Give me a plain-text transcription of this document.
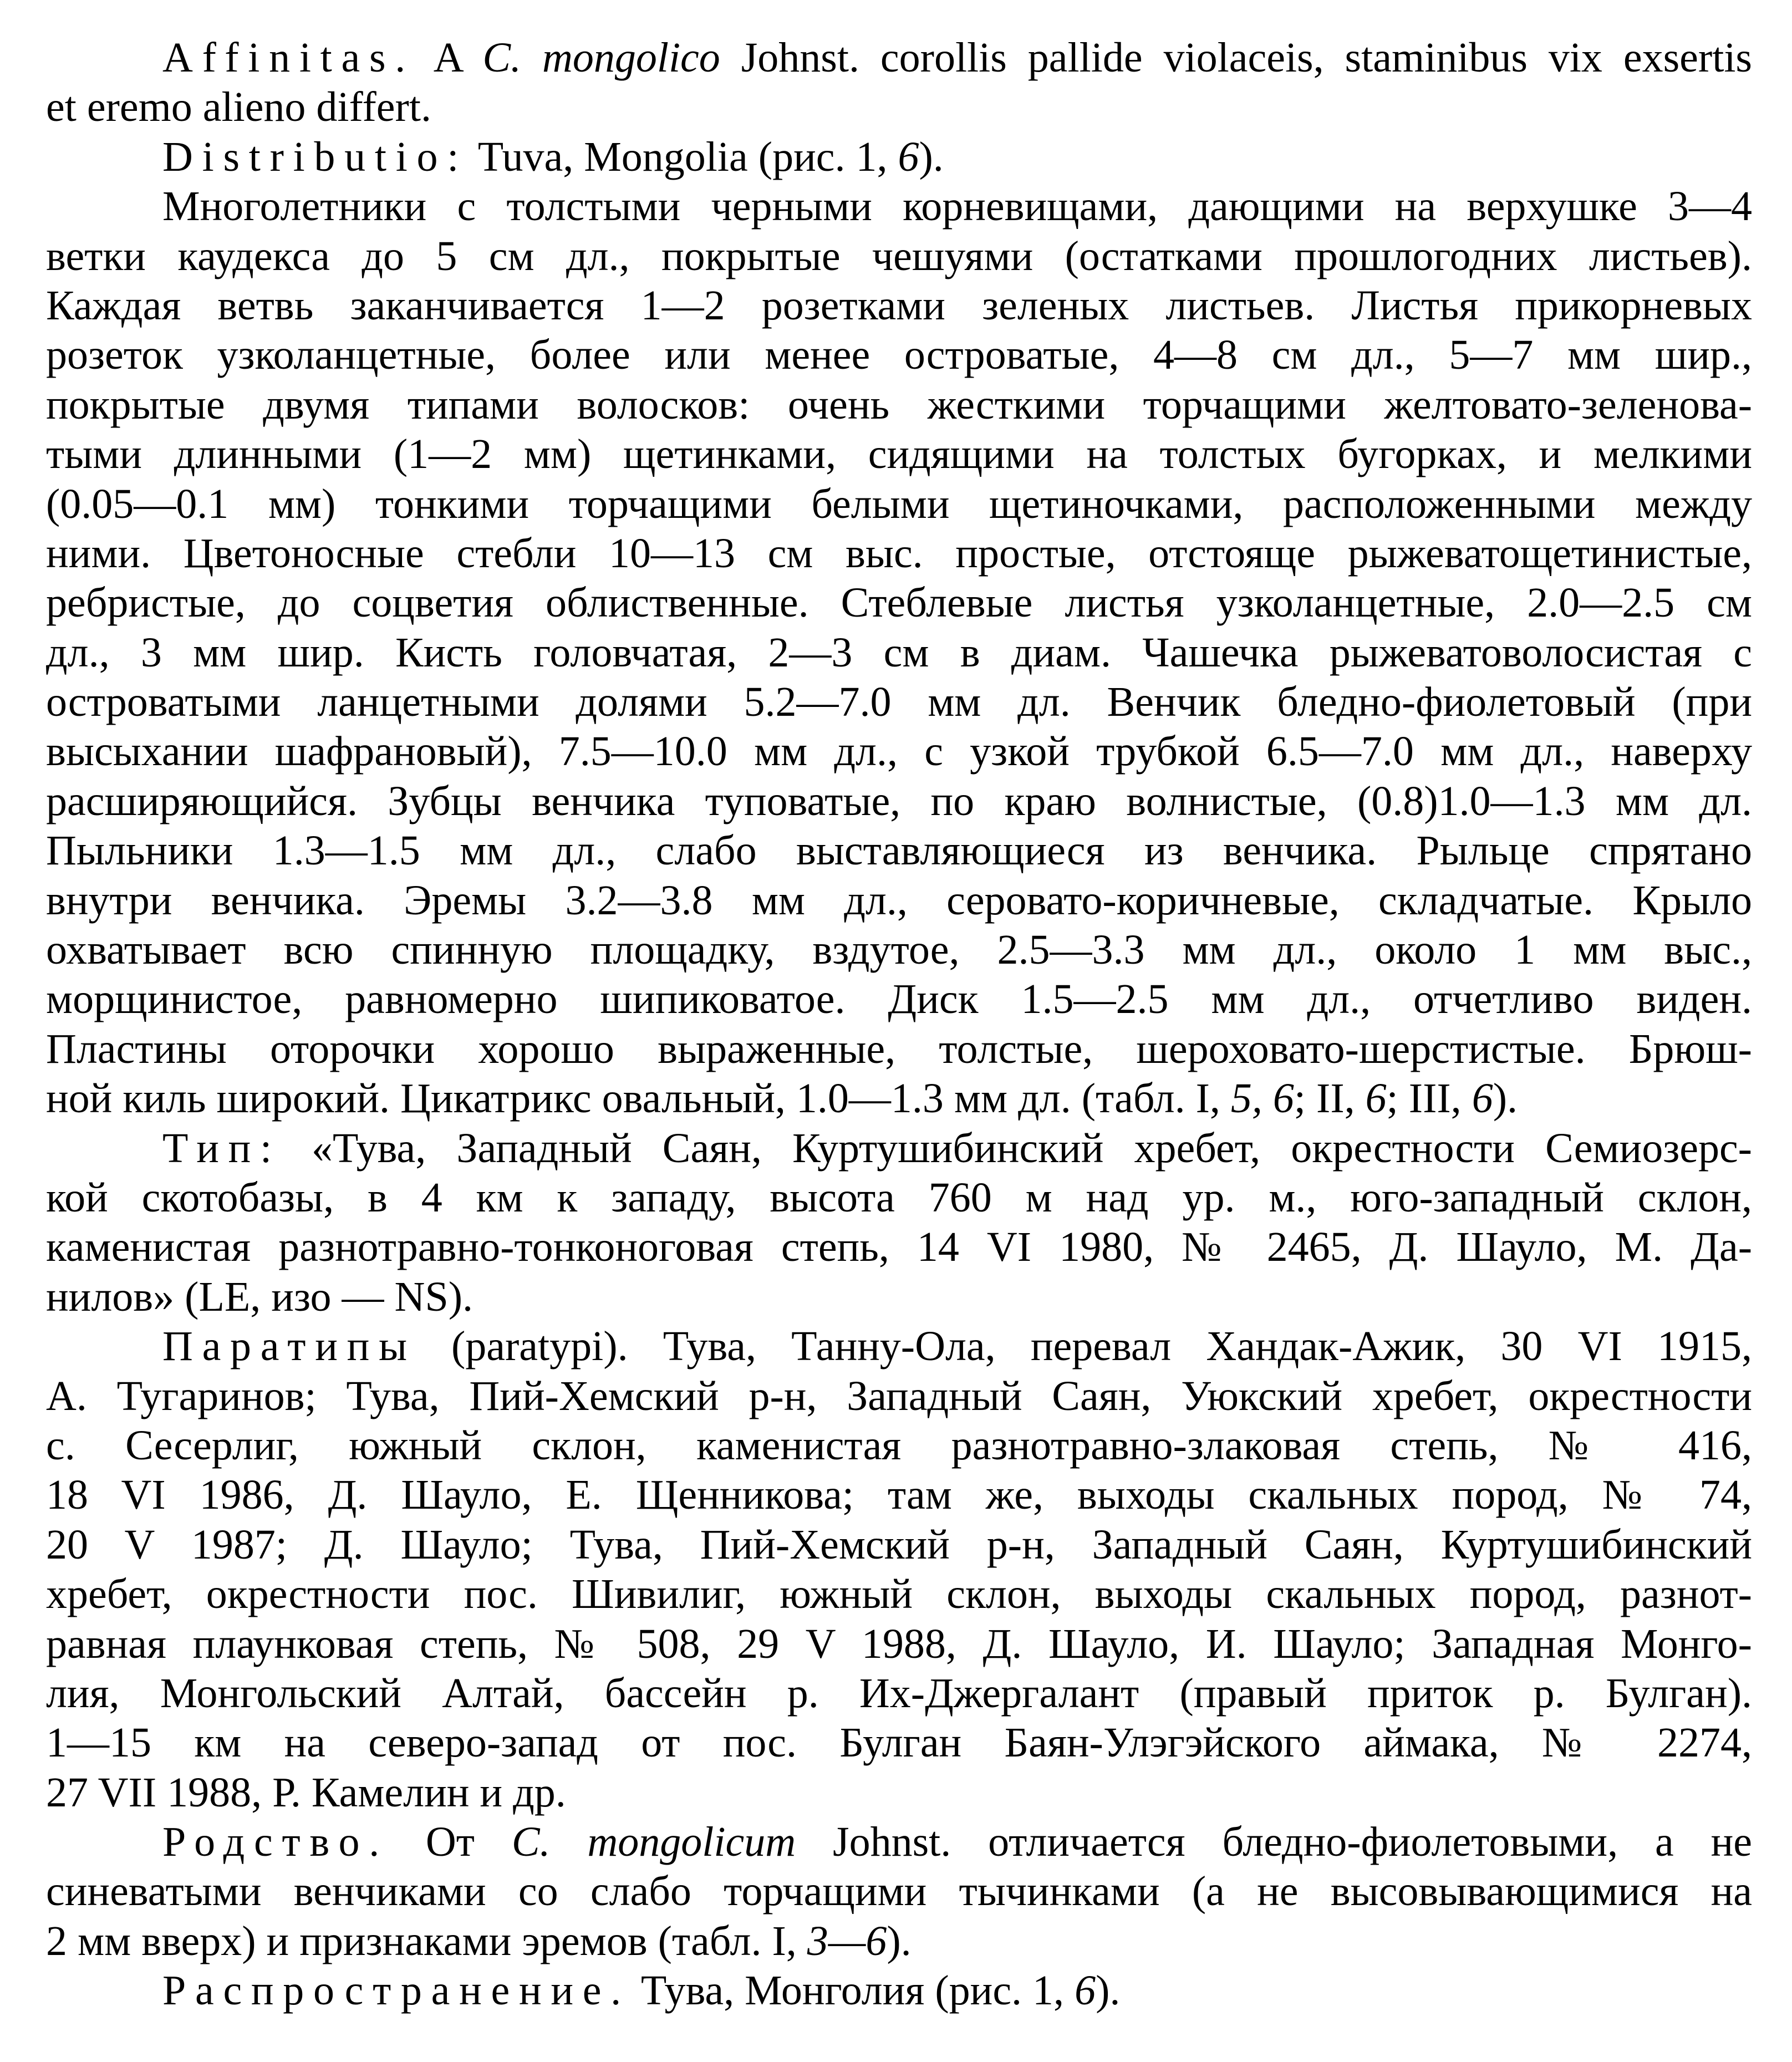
Affinitas. A C. mongolico Johnst. corollis pallide violaceis, staminibus vix exsertis
et eremo alieno differt.
Distributio: Tuva, Mongolia (рис. 1, 6).
Многолетники с толстыми черными корневищами, дающими на верхушке 3—4
ветки каудекса до 5 см дл., покрытые чешуями (остатками прошлогодних листьев).
Каждая ветвь заканчивается 1—2 розетками зеленых листьев. Листья прикорневых
розеток узколанцетные, более или менее островатые, 4—8 см дл., 5—7 мм шир.,
покрытые двумя типами волосков: очень жесткими торчащими желтовато-зеленова-
тыми длинными (1—2 мм) щетинками, сидящими на толстых бугорках, и мелкими
(0.05—0.1 мм) тонкими торчащими белыми щетиночками, расположенными между
ними. Цветоносные стебли 10—13 см выс. простые, отстояще рыжеватощетинистые,
ребристые, до соцветия облиственные. Стеблевые листья узколанцетные, 2.0—2.5 см
дл., 3 мм шир. Кисть головчатая, 2—3 см в диам. Чашечка рыжеватоволосистая с
островатыми ланцетными долями 5.2—7.0 мм дл. Венчик бледно-фиолетовый (при
высыхании шафрановый), 7.5—10.0 мм дл., с узкой трубкой 6.5—7.0 мм дл., наверху
расширяющийся. Зубцы венчика туповатые, по краю волнистые, (0.8)1.0—1.3 мм дл.
Пыльники 1.3—1.5 мм дл., слабо выставляющиеся из венчика. Рыльце спрятано
внутри венчика. Эремы 3.2—3.8 мм дл., серовато-коричневые, складчатые. Крыло
охватывает всю спинную площадку, вздутое, 2.5—3.3 мм дл., около 1 мм выс.,
морщинистое, равномерно шипиковатое. Диск 1.5—2.5 мм дл., отчетливо виден.
Пластины оторочки хорошо выраженные, толстые, шероховато-шерстистые. Брюш-
ной киль широкий. Цикатрикс овальный, 1.0—1.3 мм дл. (табл. I, 5, 6; II, 6; III, 6).
Тип: «Тува, Западный Саян, Куртушибинский хребет, окрестности Семиозерс-
кой скотобазы, в 4 км к западу, высота 760 м над ур. м., юго-западный склон,
каменистая разнотравно-тонконоговая степь, 14 VI 1980, № 2465, Д. Шауло, М. Да-
нилов» (LE, изо — NS).
Паратипы (paratypi). Тува, Танну-Ола, перевал Хандак-Ажик, 30 VI 1915,
А. Тугаринов; Тува, Пий-Хемский р-н, Западный Саян, Уюкский хребет, окрестности
с. Сесерлиг, южный склон, каменистая разнотравно-злаковая степь, № 416,
18 VI 1986, Д. Шауло, Е. Щенникова; там же, выходы скальных пород, № 74,
20 V 1987; Д. Шауло; Тува, Пий-Хемский р-н, Западный Саян, Куртушибинский
хребет, окрестности пос. Шивилиг, южный склон, выходы скальных пород, разнот-
равная плаунковая степь, № 508, 29 V 1988, Д. Шауло, И. Шауло; Западная Монго-
лия, Монгольский Алтай, бассейн р. Их-Джергалант (правый приток р. Булган).
1—15 км на северо-запад от пос. Булган Баян-Улэгэйского аймака, № 2274,
27 VII 1988, Р. Камелин и др.
Родство. От C. mongolicum Johnst. отличается бледно-фиолетовыми, а не
синеватыми венчиками со слабо торчащими тычинками (а не высовывающимися на
2 мм вверх) и признаками эремов (табл. I, 3—6).
Распространение. Тува, Монголия (рис. 1, 6).
